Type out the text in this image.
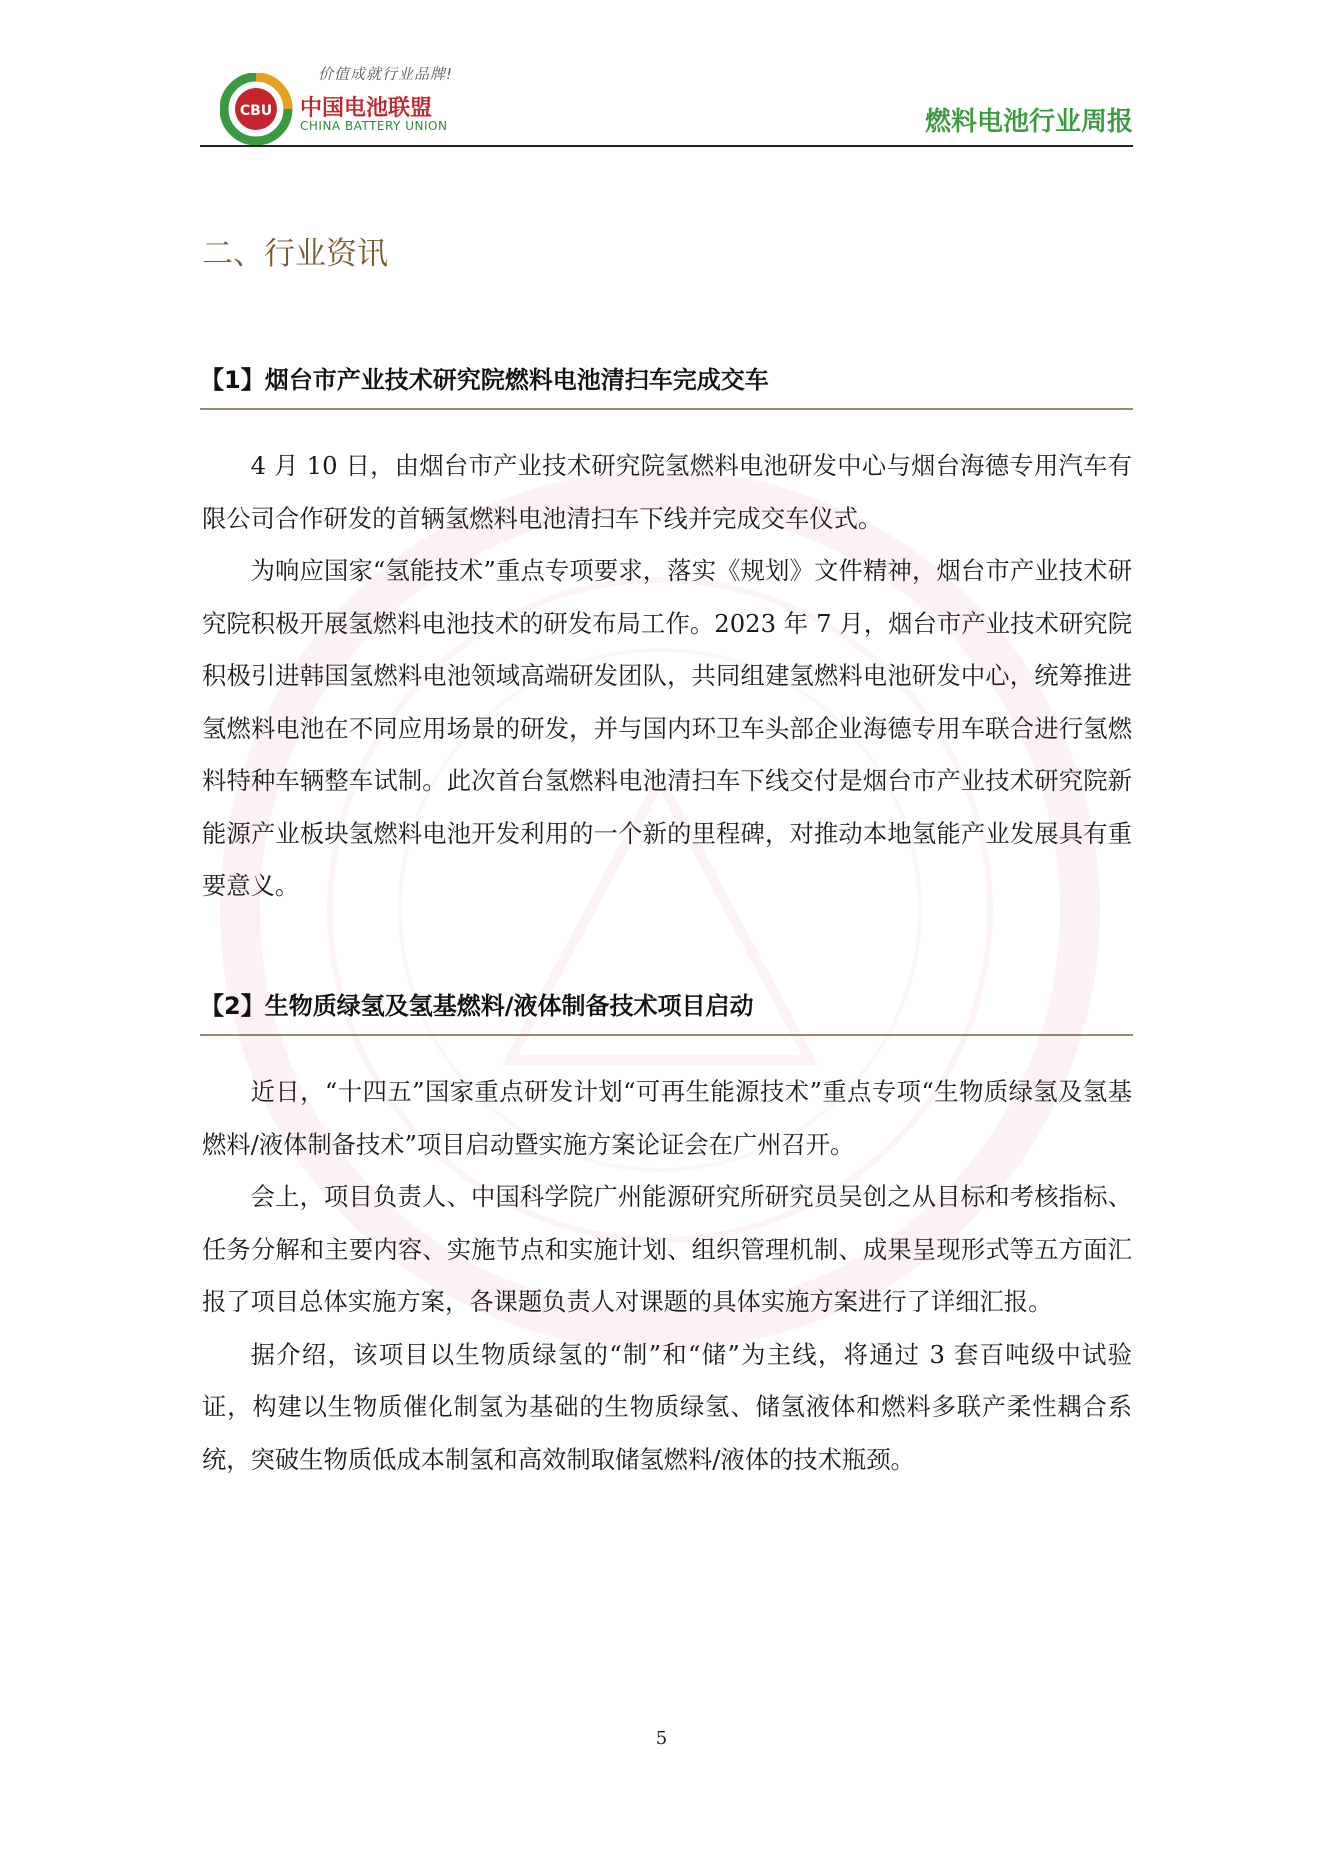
CBU
价值成就行业品牌!
中国电池联盟
CHINA BATTERY UNION	燃料电池行业周报
二、行业资讯
【1】烟台市产业技术研究院燃料电池清扫车完成交车

4 月 10 日，由烟台市产业技术研究院氢燃料电池研发中心与烟台海德专用汽车有限公司合作研发的首辆氢燃料电池清扫车下线并完成交车仪式。

为响应国家“氢能技术”重点专项要求，落实《规划》文件精神，烟台市产业技术研究院积极开展氢燃料电池技术的研发布局工作。2023 年 7 月，烟台市产业技术研究院积极引进韩国氢燃料电池领域高端研发团队，共同组建氢燃料电池研发中心，统筹推进氢燃料电池在不同应用场景的研发，并与国内环卫车头部企业海德专用车联合进行氢燃料特种车辆整车试制。此次首台氢燃料电池清扫车下线交付是烟台市产业技术研究院新能源产业板块氢燃料电池开发利用的一个新的里程碑，对推动本地氢能产业发展具有重要意义。

【2】生物质绿氢及氢基燃料/液体制备技术项目启动

近日，“十四五”国家重点研发计划“可再生能源技术”重点专项“生物质绿氢及氢基燃料/液体制备技术”项目启动暨实施方案论证会在广州召开。

会上，项目负责人、中国科学院广州能源研究所研究员吴创之从目标和考核指标、任务分解和主要内容、实施节点和实施计划、组织管理机制、成果呈现形式等五方面汇报了项目总体实施方案，各课题负责人对课题的具体实施方案进行了详细汇报。

据介绍，该项目以生物质绿氢的“制”和“储”为主线，将通过 3 套百吨级中试验证，构建以生物质催化制氢为基础的生物质绿氢、储氢液体和燃料多联产柔性耦合系统，突破生物质低成本制氢和高效制取储氢燃料/液体的技术瓶颈。

5
